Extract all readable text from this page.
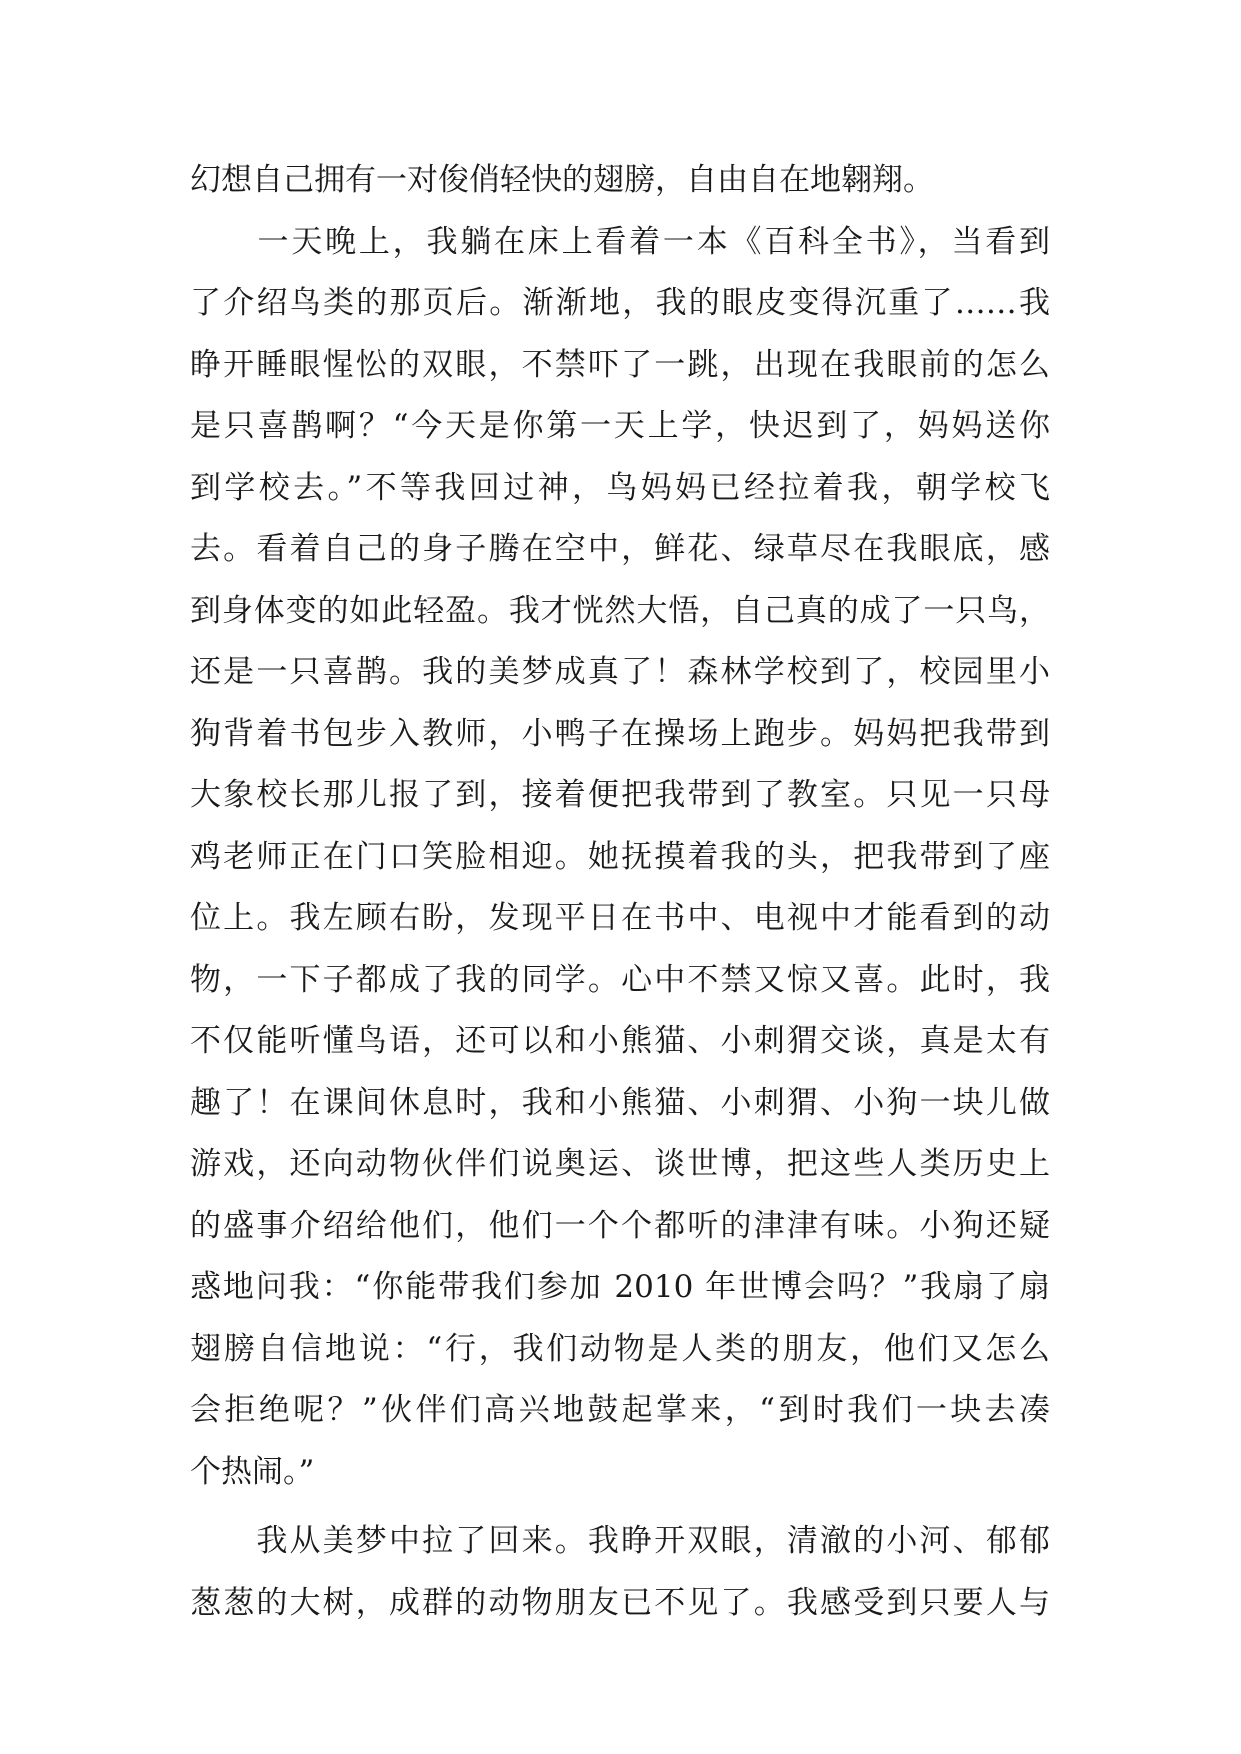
幻想自己拥有一对俊俏轻快的翅膀，自由自在地翱翔。
　　一天晚上，我躺在床上看着一本《百科全书》，当看到
了介绍鸟类的那页后。渐渐地，我的眼皮变得沉重了……我
睁开睡眼惺忪的双眼，不禁吓了一跳，出现在我眼前的怎么
是只喜鹊啊？“今天是你第一天上学，快迟到了，妈妈送你
到学校去。”不等我回过神，鸟妈妈已经拉着我，朝学校飞
去。看着自己的身子腾在空中，鲜花、绿草尽在我眼底，感
到身体变的如此轻盈。我才恍然大悟，自己真的成了一只鸟，
还是一只喜鹊。我的美梦成真了！森林学校到了，校园里小
狗背着书包步入教师，小鸭子在操场上跑步。妈妈把我带到
大象校长那儿报了到，接着便把我带到了教室。只见一只母
鸡老师正在门口笑脸相迎。她抚摸着我的头，把我带到了座
位上。我左顾右盼，发现平日在书中、电视中才能看到的动
物，一下子都成了我的同学。心中不禁又惊又喜。此时，我
不仅能听懂鸟语，还可以和小熊猫、小刺猬交谈，真是太有
趣了！在课间休息时，我和小熊猫、小刺猬、小狗一块儿做
游戏，还向动物伙伴们说奥运、谈世博，把这些人类历史上
的盛事介绍给他们，他们一个个都听的津津有味。小狗还疑
惑地问我：“你能带我们参加 2010 年世博会吗？”我扇了扇
翅膀自信地说：“行，我们动物是人类的朋友，他们又怎么
会拒绝呢？”伙伴们高兴地鼓起掌来，“到时我们一块去凑
个热闹。”
　　我从美梦中拉了回来。我睁开双眼，清澈的小河、郁郁
葱葱的大树，成群的动物朋友已不见了。我感受到只要人与
